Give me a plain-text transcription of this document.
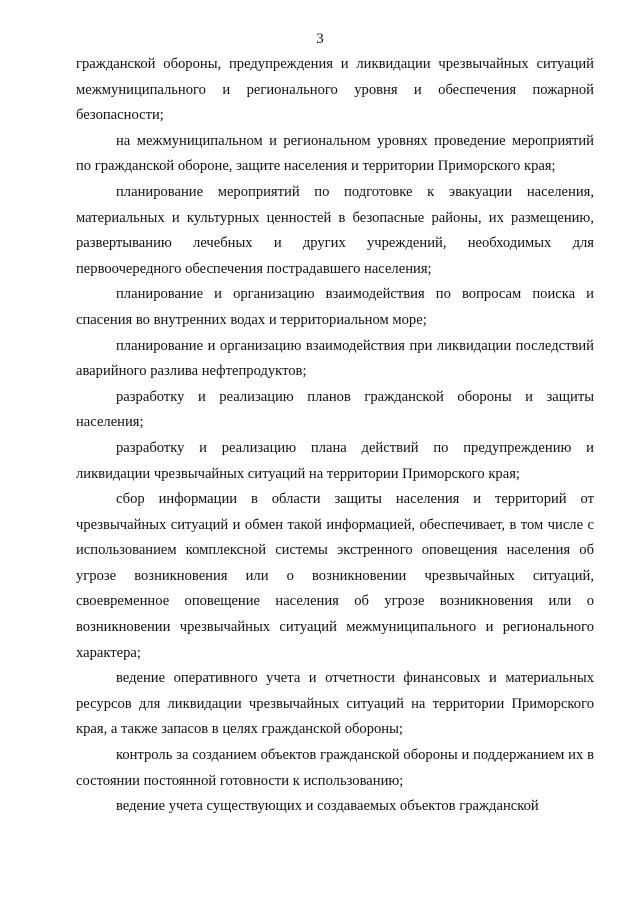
3

гражданской обороны, предупреждения и ликвидации чрезвычайных ситуаций межмуниципального и регионального уровня и обеспечения пожарной безопасности;

на межмуниципальном и региональном уровнях проведение мероприятий по гражданской обороне, защите населения и территории Приморского края;

планирование мероприятий по подготовке к эвакуации населения, материальных и культурных ценностей в безопасные районы, их размещению, развертыванию лечебных и других учреждений, необходимых для первоочередного обеспечения пострадавшего населения;

планирование и организацию взаимодействия по вопросам поиска и спасения во внутренних водах и территориальном море;

планирование и организацию взаимодействия при ликвидации последствий аварийного разлива нефтепродуктов;

разработку и реализацию планов гражданской обороны и защиты населения;

разработку и реализацию плана действий по предупреждению и ликвидации чрезвычайных ситуаций на территории Приморского края;

сбор информации в области защиты населения и территорий от чрезвычайных ситуаций и обмен такой информацией, обеспечивает, в том числе с использованием комплексной системы экстренного оповещения населения об угрозе возникновения или о возникновении чрезвычайных ситуаций, своевременное оповещение населения об угрозе возникновения или о возникновении чрезвычайных ситуаций межмуниципального и регионального характера;

ведение оперативного учета и отчетности финансовых и материальных ресурсов для ликвидации чрезвычайных ситуаций на территории Приморского края, а также запасов в целях гражданской обороны;

контроль за созданием объектов гражданской обороны и поддержанием их в состоянии постоянной готовности к использованию;

ведение учета существующих и создаваемых объектов гражданской
